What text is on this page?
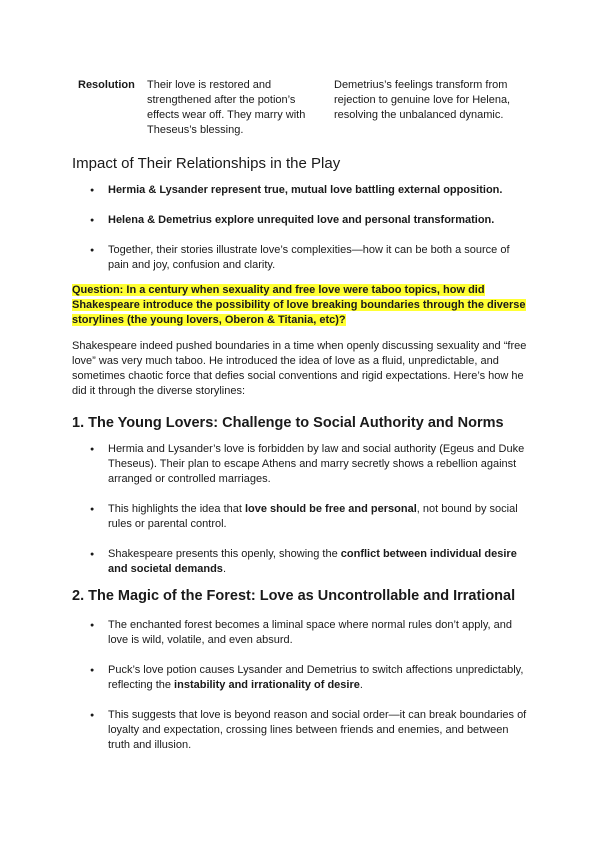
Resolution Their love is restored and strengthened after the potion’s effects wear off. They marry with Theseus’s blessing.
Demetrius’s feelings transform from rejection to genuine love for Helena, resolving the unbalanced dynamic.
Impact of Their Relationships in the Play
● Hermia & Lysander represent true, mutual love battling external opposition.
● Helena & Demetrius explore unrequited love and personal transformation.
● Together, their stories illustrate love’s complexities—how it can be both a source of pain and joy, confusion and clarity.
Question: In a century when sexuality and free love were taboo topics, how did Shakespeare introduce the possibility of love breaking boundaries through the diverse storylines (the young lovers, Oberon & Titania, etc)?

Shakespeare indeed pushed boundaries in a time when openly discussing sexuality and “free love” was very much taboo. He introduced the idea of love as a fluid, unpredictable, and sometimes chaotic force that defies social conventions and rigid expectations. Here’s how he did it through the diverse storylines:

1. The Young Lovers: Challenge to Social Authority and Norms
● Hermia and Lysander’s love is forbidden by law and social authority (Egeus and Duke Theseus). Their plan to escape Athens and marry secretly shows a rebellion against arranged or controlled marriages.
● This highlights the idea that love should be free and personal, not bound by social rules or parental control.
● Shakespeare presents this openly, showing the conflict between individual desire and societal demands.
2. The Magic of the Forest: Love as Uncontrollable and Irrational
● The enchanted forest becomes a liminal space where normal rules don’t apply, and love is wild, volatile, and even absurd.
● Puck’s love potion causes Lysander and Demetrius to switch affections unpredictably, reflecting the instability and irrationality of desire.
● This suggests that love is beyond reason and social order—it can break boundaries of loyalty and expectation, crossing lines between friends and enemies, and between truth and illusion.
